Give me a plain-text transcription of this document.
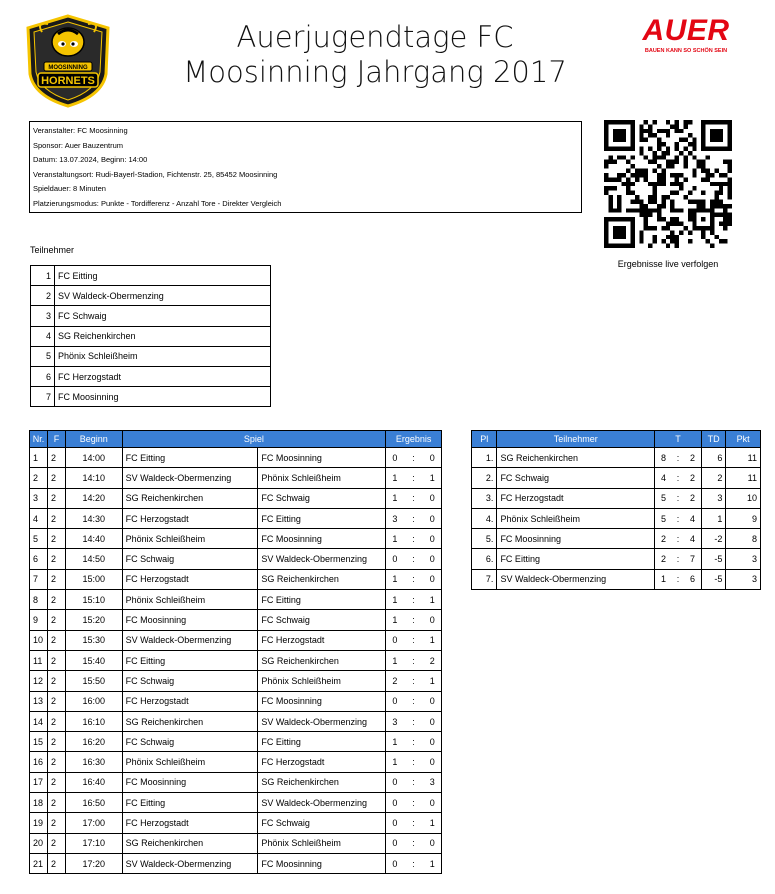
MOOSINNING
HORNETS
Auerjugendtage FC
Moosinning Jahrgang 2017
AUER
BAUEN KANN SO SCHÖN SEIN
Veranstalter: FC Moosinning
Sponsor: Auer Bauzentrum
Datum: 13.07.2024, Beginn: 14:00
Veranstaltungsort: Rudi-Bayerl-Stadion, Fichtenstr. 25, 85452 Moosinning
Spieldauer: 8 Minuten
Platzierungsmodus: Punkte - Tordifferenz - Anzahl Tore - Direkter Vergleich
Ergebnisse live verfolgen
Teilnehmer
1	FC Eitting
2	SV Waldeck-Obermenzing
3	FC Schwaig
4	SG Reichenkirchen
5	Phönix Schleißheim
6	FC Herzogstadt
7	FC Moosinning
Nr.	F	Beginn	Spiel		Ergebnis		
1	2	14:00	FC Eitting	FC Moosinning	0	:	0
2	2	14:10	SV Waldeck-Obermenzing	Phönix Schleißheim	1	:	1
3	2	14:20	SG Reichenkirchen	FC Schwaig	1	:	0
4	2	14:30	FC Herzogstadt	FC Eitting	3	:	0
5	2	14:40	Phönix Schleißheim	FC Moosinning	1	:	0
6	2	14:50	FC Schwaig	SV Waldeck-Obermenzing	0	:	0
7	2	15:00	FC Herzogstadt	SG Reichenkirchen	1	:	0
8	2	15:10	Phönix Schleißheim	FC Eitting	1	:	1
9	2	15:20	FC Moosinning	FC Schwaig	1	:	0
10	2	15:30	SV Waldeck-Obermenzing	FC Herzogstadt	0	:	1
11	2	15:40	FC Eitting	SG Reichenkirchen	1	:	2
12	2	15:50	FC Schwaig	Phönix Schleißheim	2	:	1
13	2	16:00	FC Herzogstadt	FC Moosinning	0	:	0
14	2	16:10	SG Reichenkirchen	SV Waldeck-Obermenzing	3	:	0
15	2	16:20	FC Schwaig	FC Eitting	1	:	0
16	2	16:30	Phönix Schleißheim	FC Herzogstadt	1	:	0
17	2	16:40	FC Moosinning	SG Reichenkirchen	0	:	3
18	2	16:50	FC Eitting	SV Waldeck-Obermenzing	0	:	0
19	2	17:00	FC Herzogstadt	FC Schwaig	0	:	1
20	2	17:10	SG Reichenkirchen	Phönix Schleißheim	0	:	0
21	2	17:20	SV Waldeck-Obermenzing	FC Moosinning	0	:	1
Pl	Teilnehmer	T			TD	Pkt
1.	SG Reichenkirchen	8	:	2	6	11
2.	FC Schwaig	4	:	2	2	11
3.	FC Herzogstadt	5	:	2	3	10
4.	Phönix Schleißheim	5	:	4	1	9
5.	FC Moosinning	2	:	4	-2	8
6.	FC Eitting	2	:	7	-5	3
7.	SV Waldeck-Obermenzing	1	:	6	-5	3
